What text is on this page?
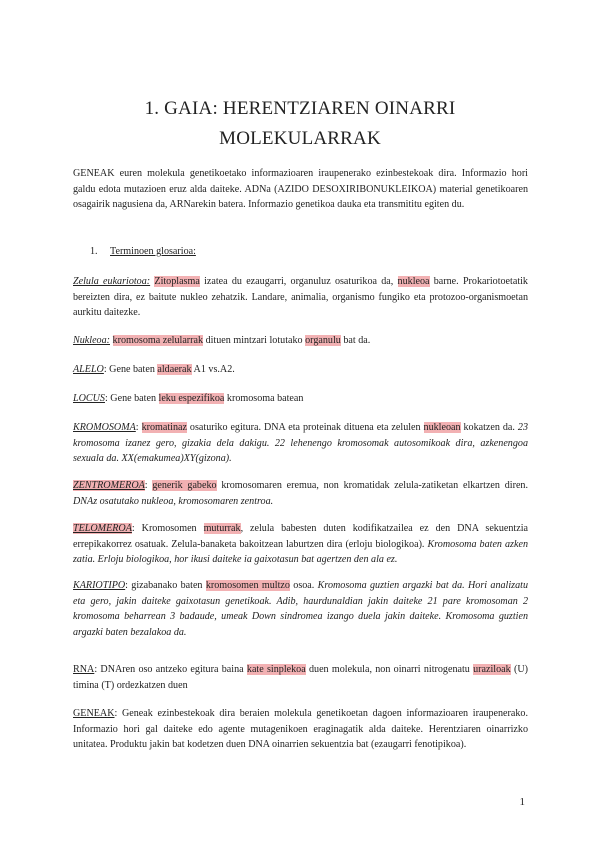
1. GAIA: HERENTZIAREN OINARRI
MOLEKULARRAK
GENEAK euren molekula genetikoetako informazioaren iraupenerako ezinbestekoak dira. Informazio hori galdu edota mutazioen eruz alda daiteke. ADNa (AZIDO DESOXIRIBONUKLEIKOA) material genetikoaren osagairik nagusiena da, ARNarekin batera. Informazio genetikoa dauka eta transmititu egiten du.
1. Terminoen glosarioa:
Zelula eukariotoa: Zitoplasma izatea du ezaugarri, organuluz osaturikoa da, nukleoa barne. Prokariotoetatik bereizten dira, ez baitute nukleo zehatzik. Landare, animalia, organismo fungiko eta protozoo-organismoetan aurkitu daitezke.
Nukleoa: kromosoma zelularrak dituen mintzari lotutako organulu bat da.
ALELO: Gene baten aldaerak A1 vs.A2.
LOCUS: Gene baten leku espezifikoa kromosoma batean
KROMOSOMA: kromatinaz osaturiko egitura. DNA eta proteinak dituena eta zelulen nukleoan kokatzen da. 23 kromosoma izanez gero, gizakia dela dakigu. 22 lehenengo kromosomak autosomikoak dira, azkenengoa sexuala da. XX(emakumea)XY(gizona).
ZENTROMEROA: generik gabeko kromosomaren eremua, non kromatidak zelula-zatiketan elkartzen diren. DNAz osatutako nukleoa, kromosomaren zentroa.
TELOMEROA: Kromosomen muturrak, zelula babesten duten kodifikatzailea ez den DNA sekuentzia errepikakorrez osatuak. Zelula-banaketa bakoitzean laburtzen dira (erloju biologikoa). Kromosoma baten azken zatia. Erloju biologikoa, hor ikusi daiteke ia gaixotasun bat agertzen den ala ez.
KARIOTIPO: gizabanako baten kromosomen multzo osoa. Kromosoma guztien argazki bat da. Hori analizatu eta gero, jakin daiteke gaixotasun genetikoak. Adib, haurdunaldian jakin daiteke 21 pare kromosoman 2 kromosoma beharrean 3 badaude, umeak Down sindromea izango duela jakin daiteke. Kromosoma guztien argazki baten bezalakoa da.
RNA: DNAren oso antzeko egitura baina kate sinplekoa duen molekula, non oinarri nitrogenatu uraziloak (U) timina (T) ordezkatzen duen
GENEAK: Geneak ezinbestekoak dira beraien molekula genetikoetan dagoen informazioaren iraupenerako. Informazio hori gal daiteke edo agente mutagenikoen eraginagatik alda daiteke. Herentziaren oinarrizko unitatea. Produktu jakin bat kodetzen duen DNA oinarrien sekuentzia bat (ezaugarri fenotipikoa).
1
